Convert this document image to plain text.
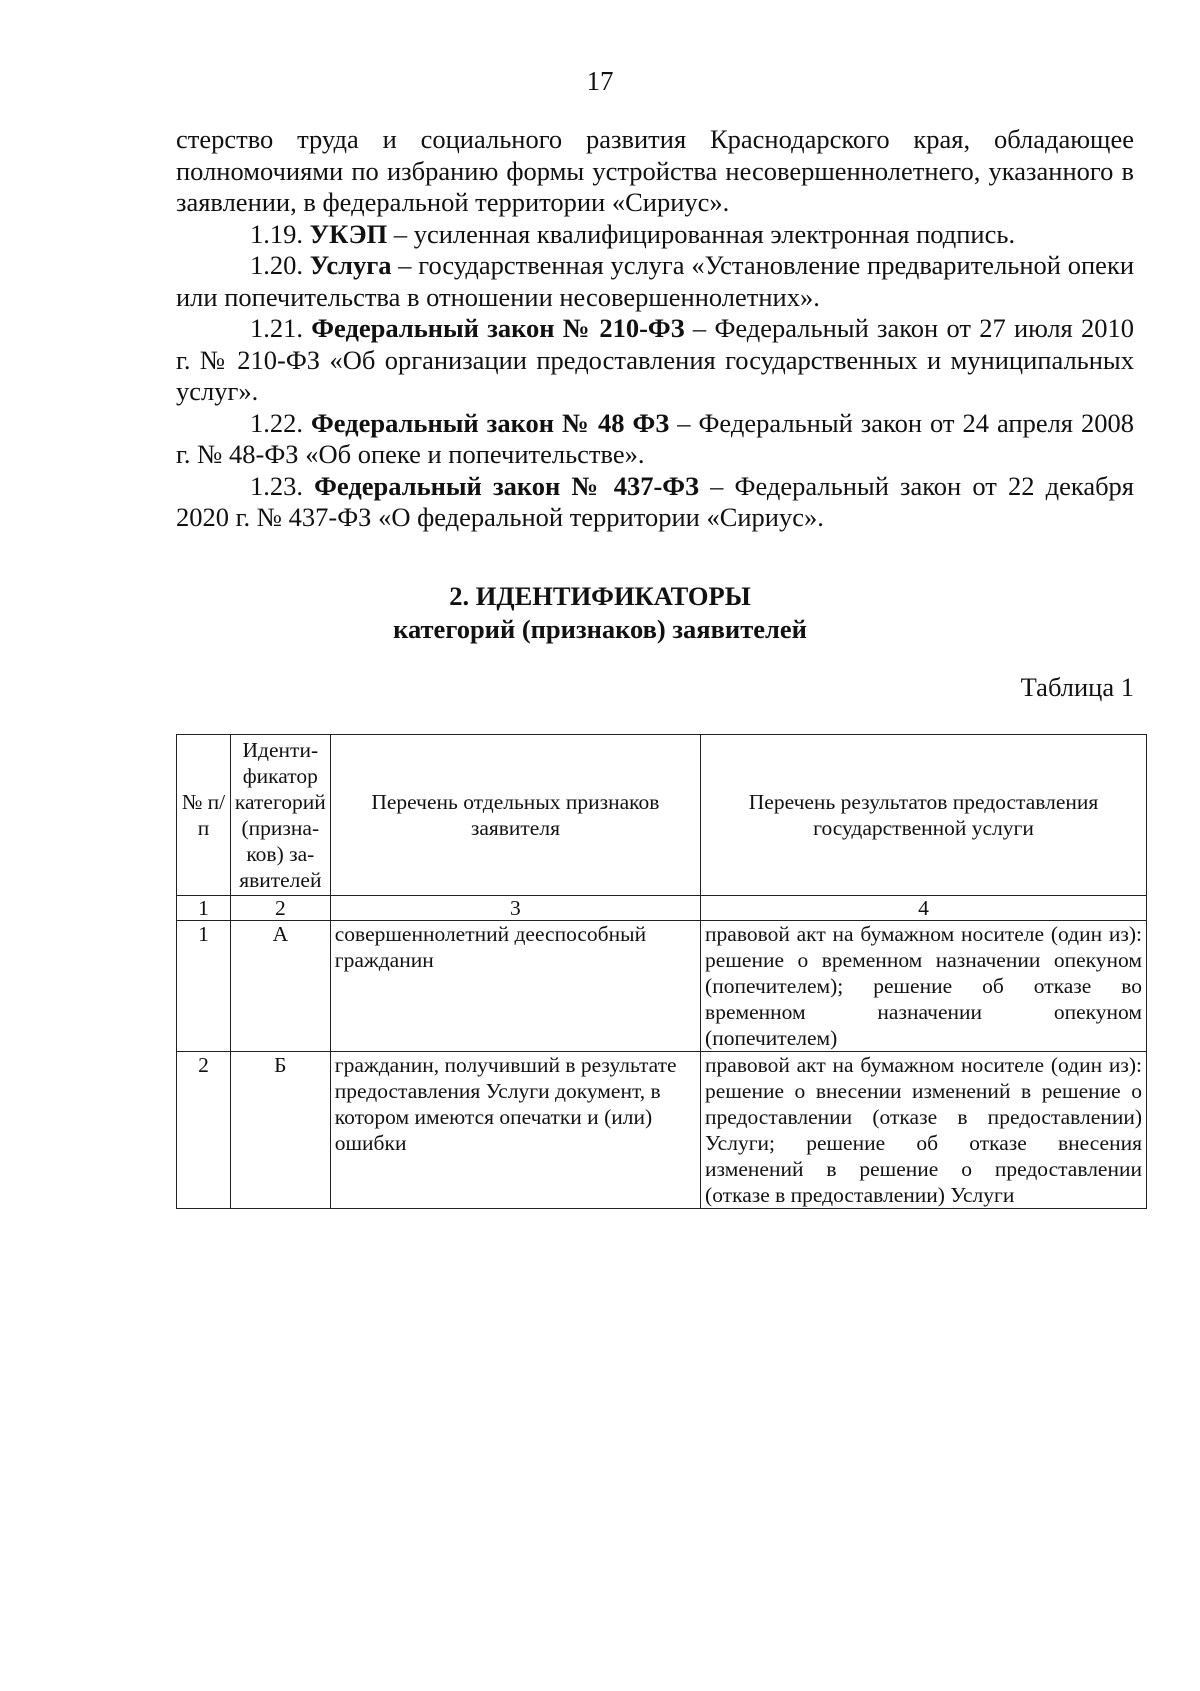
17

стерство труда и социального развития Краснодарского края, обладающее полномочиями по избранию формы устройства несовершеннолетнего, указанного в заявлении, в федеральной территории «Сириус».

1.19. УКЭП – усиленная квалифицированная электронная подпись.

1.20. Услуга – государственная услуга «Установление предварительной опеки или попечительства в отношении несовершеннолетних».

1.21. Федеральный закон № 210-ФЗ – Федеральный закон от 27 июля 2010 г. № 210-ФЗ «Об организации предоставления государственных и муниципальных услуг».

1.22. Федеральный закон № 48 ФЗ – Федеральный закон от 24 апреля 2008 г. № 48-ФЗ «Об опеке и попечительстве».

1.23. Федеральный закон № 437-ФЗ – Федеральный закон от 22 декабря 2020 г. № 437-ФЗ «О федеральной территории «Сириус».

2. ИДЕНТИФИКАТОРЫ
категорий (признаков) заявителей
Таблица 1
№ п/п	Иденти-фикатор категорий (призна-ков) за-явителей	Перечень отдельных признаков заявителя	Перечень результатов предоставления государственной услуги
1	2	3	4
1	А	совершеннолетний дееспособный гражданин	правовой акт на бумажном носителе (один из): решение о временном назначении опекуном (попечителем); решение об отказе во временном назначении опекуном (попечителем)
2	Б	гражданин, получивший в результате предоставления Услуги документ, в котором имеются опечатки и (или) ошибки	правовой акт на бумажном носителе (один из): решение о внесении изменений в решение о предоставлении (отказе в предоставлении) Услуги; решение об отказе внесения изменений в решение о предоставлении (отказе в предоставлении) Услуги
